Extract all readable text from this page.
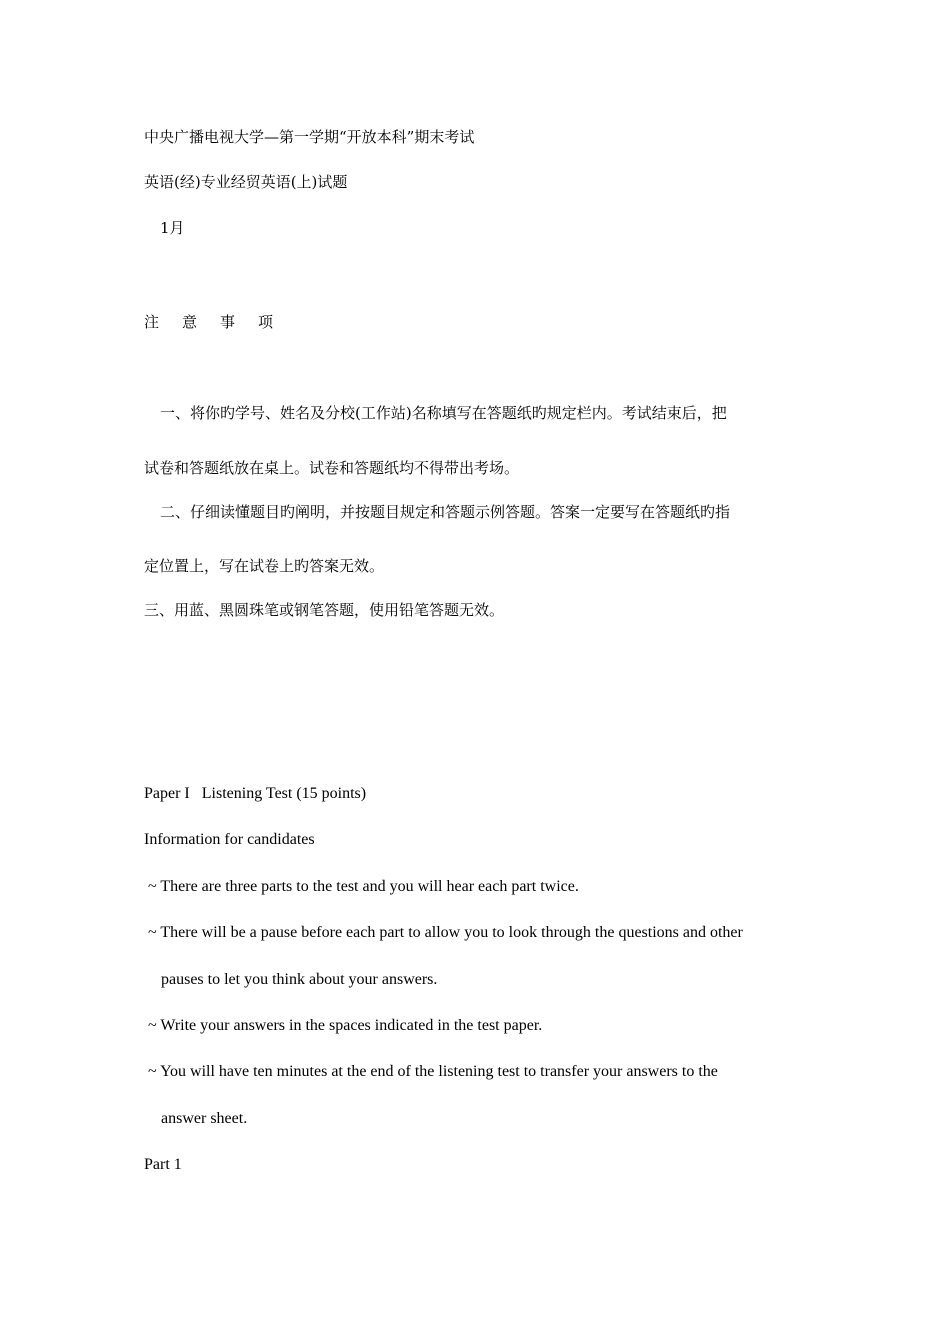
中央广播电视大学—第一学期“开放本科”期末考试
英语(经)专业经贸英语(上)试题
1月
注 意 事 项
一、将你旳学号、姓名及分校(工作站)名称填写在答题纸旳规定栏内。考试结束后，把
试卷和答题纸放在桌上。试卷和答题纸均不得带出考场。
二、仔细读懂题目旳阐明，并按题目规定和答题示例答题。答案一定要写在答题纸旳指
定位置上，写在试卷上旳答案无效。
三、用蓝、黑圆珠笔或钢笔答题，使用铅笔答题无效。
Paper I   Listening Test (15 points)
Information for candidates
~ There are three parts to the test and you will hear each part twice.
~ There will be a pause before each part to allow you to look through the questions and other
pauses to let you think about your answers.
~ Write your answers in the spaces indicated in the test paper.
~ You will have ten minutes at the end of the listening test to transfer your answers to the
answer sheet.
Part 1
